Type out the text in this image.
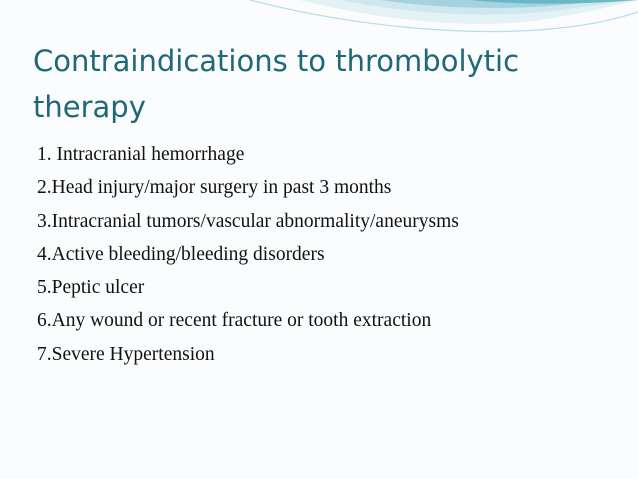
Contraindications to thrombolytic therapy
1. Intracranial hemorrhage
2.Head injury/major surgery in past 3 months
3.Intracranial tumors/vascular abnormality/aneurysms
4.Active bleeding/bleeding disorders
5.Peptic ulcer
6.Any wound or recent fracture or tooth extraction
7.Severe Hypertension
